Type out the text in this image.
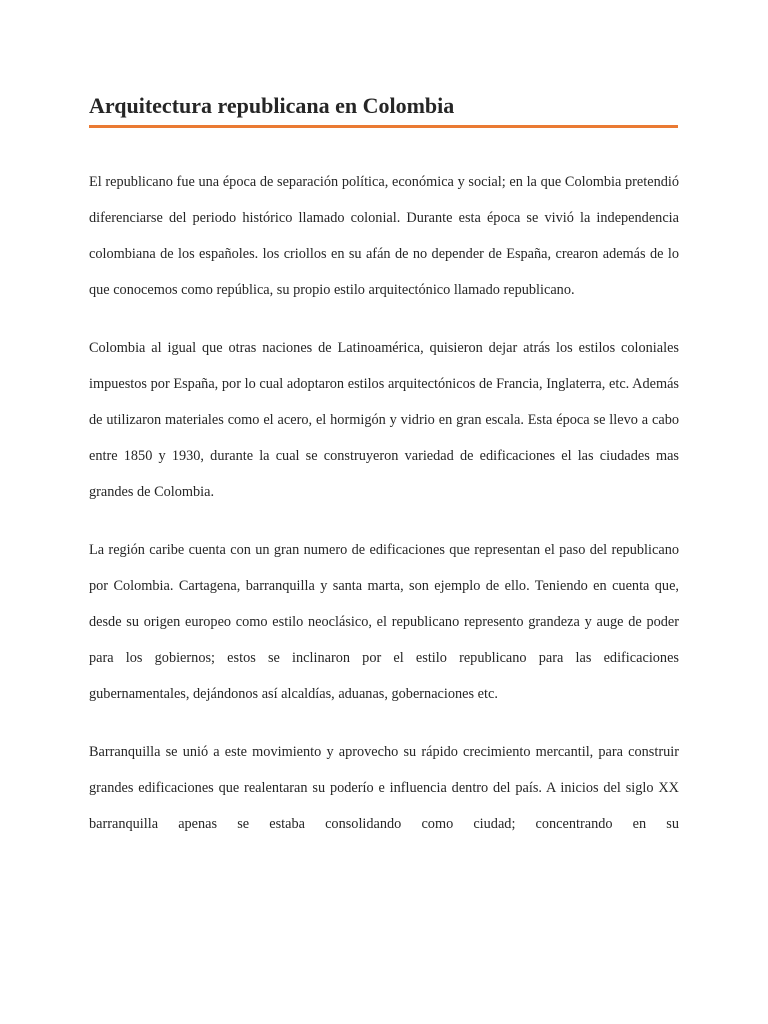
Arquitectura republicana en Colombia

El republicano fue una época de separación política, económica y social; en la que Colombia pretendió diferenciarse del periodo histórico llamado colonial. Durante esta época se vivió la independencia colombiana de los españoles. los criollos en su afán de no depender de España, crearon además de lo que conocemos como república, su propio estilo arquitectónico llamado republicano.

Colombia al igual que otras naciones de Latinoamérica, quisieron dejar atrás los estilos coloniales impuestos por España, por lo cual adoptaron estilos arquitectónicos de Francia, Inglaterra, etc. Además de utilizaron materiales como el acero, el hormigón y vidrio en gran escala. Esta época se llevo a cabo entre 1850 y 1930, durante la cual se construyeron variedad de edificaciones el las ciudades mas grandes de Colombia.

La región caribe cuenta con un gran numero de edificaciones que representan el paso del republicano por Colombia. Cartagena, barranquilla y santa marta, son ejemplo de ello. Teniendo en cuenta que, desde su origen europeo como estilo neoclásico, el republicano represento grandeza y auge de poder para los gobiernos; estos se inclinaron por el estilo republicano para las edificaciones gubernamentales, dejándonos así alcaldías, aduanas, gobernaciones etc.

Barranquilla se unió a este movimiento y aprovecho su rápido crecimiento mercantil, para construir grandes edificaciones que realentaran su poderío e influencia dentro del país. A inicios del siglo XX barranquilla apenas se estaba consolidando como ciudad; concentrando en su
